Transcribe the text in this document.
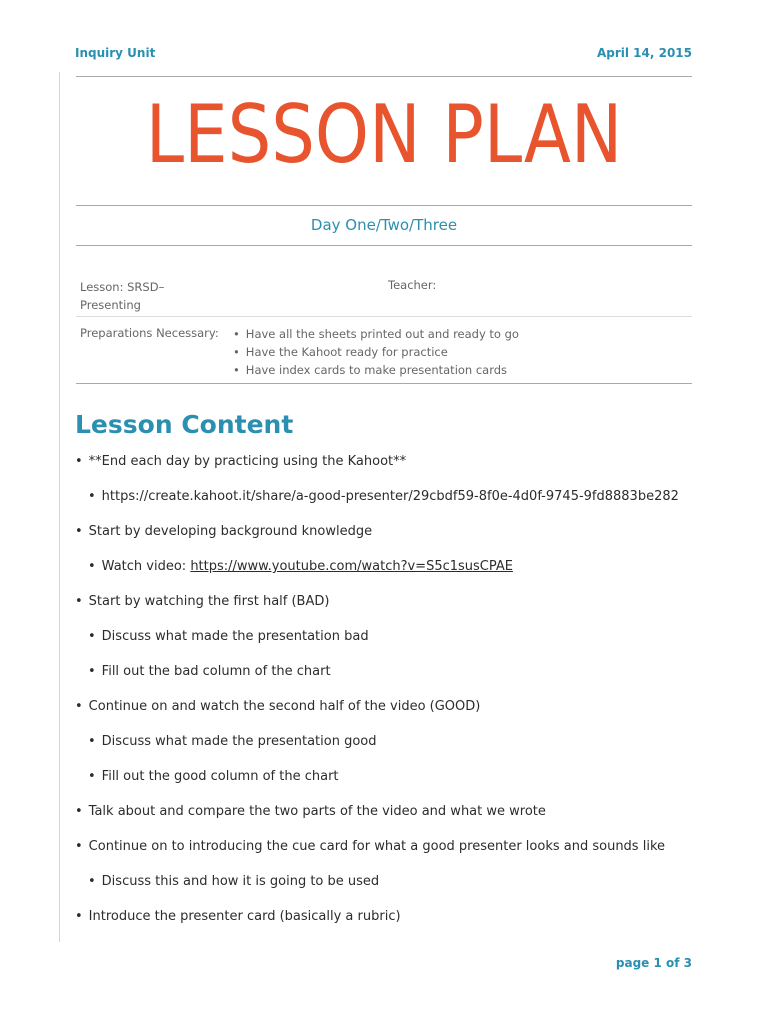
Inquiry Unit	April 14, 2015
LESSON PLAN
Day One/Two/Three
Lesson: SRSD–Presenting
Teacher:
Preparations Necessary:
•	Have all the sheets printed out and ready to go
• Have the Kahoot ready for practice
• Have index cards to make presentation cards
Lesson Content
• **End each day by practicing using the Kahoot**
• https://create.kahoot.it/share/a-good-presenter/29cbdf59-8f0e-4d0f-9745-9fd8883be282
• Start by developing background knowledge
• Watch video: https://www.youtube.com/watch?v=S5c1susCPAE
• Start by watching the first half (BAD)
• Discuss what made the presentation bad
• Fill out the bad column of the chart
• Continue on and watch the second half of the video (GOOD)
• Discuss what made the presentation good
• Fill out the good column of the chart
• Talk about and compare the two parts of the video and what we wrote
• Continue on to introducing the cue card for what a good presenter looks and sounds like
• Discuss this and how it is going to be used
• Introduce the presenter card (basically a rubric)
page 1 of 3
